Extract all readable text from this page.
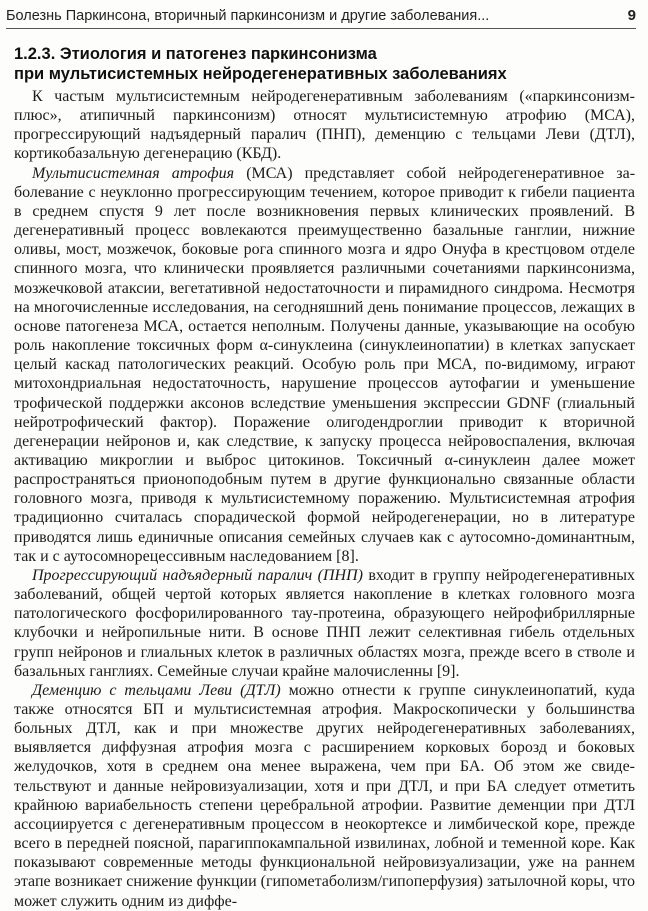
Болезнь Паркинсона, вторичный паркинсонизм и другие заболевания...	9
1.2.3. Этиология и патогенез паркинсонизма
при мультисистемных нейродегенеративных заболеваниях

К частым мультисистемным нейродегенеративным заболеваниям («паркинсонизм-плюс», атипичный паркинсонизм) относят мультисистемную атрофию (МСА), прогрессирующий надъядерный паралич (ПНП), деменцию с тельцами Леви (ДТЛ), кортикобазальную дегенерацию (КБД).

Мультисистемная атрофия (МСА) представляет собой нейродегенеративное заболевание с неуклонно прогрессирующим течением, которое приводит к гибели пациента в среднем спустя 9 лет после возникновения первых клинических проявлений. В дегенеративный процесс вовлекаются преимущественно базальные ганглии, нижние оливы, мост, мозжечок, боковые рога спинного мозга и ядро Онуфа в крестцовом отделе спинного мозга, что клинически проявляется различными сочетаниями паркинсонизма, мозжечковой атаксии, вегетативной недостаточности и пирамидного синдрома. Несмотря на многочисленные исследования, на сегодняшний день понимание процессов, лежащих в основе патогенеза МСА, остается неполным. Получены данные, указывающие на особую роль накопление токсичных форм α-синуклеина (синуклеинопатии) в клетках запускает целый каскад патологических реакций. Особую роль при МСА, по-видимому, играют митохондриальная недостаточность, нарушение процессов аутофагии и уменьшение трофической поддержки аксонов вследствие уменьшения экспрессии GDNF (глиальный нейротрофический фактор). Поражение олигодендроглии приводит к вторичной дегенерации нейронов и, как следствие, к запуску процесса нейровоспаления, включая активацию микроглии и выброс цитокинов. Токсичный α-синуклеин далее может распространяться прионоподобным путем в другие функционально связанные области головного мозга, приводя к мультисистемному поражению. Мультисистемная атрофия традиционно считалась спорадической формой нейродегенерации, но в литературе приводятся лишь единичные описания семейных случаев как с аутосомно-доминантным, так и с аутосомнорецессивным наследованием [8].

Прогрессирующий надъядерный паралич (ПНП) входит в группу нейродегенеративных заболеваний, общей чертой которых является накопление в клетках головного мозга патологического фосфорилированного тау-протеина, образующего нейрофибриллярные клубочки и нейропильные нити. В основе ПНП лежит селективная гибель отдельных групп нейронов и глиальных клеток в различных областях мозга, прежде всего в стволе и базальных ганглиях. Семейные случаи крайне малочисленны [9].

Деменцию с тельцами Леви (ДТЛ) можно отнести к группе синуклеинопатий, куда также относятся БП и мультисистемная атрофия. Макроскопически у большинства больных ДТЛ, как и при множестве других нейродегенеративных заболеваниях, выявляется диффузная атрофия мозга с расширением корковых борозд и боковых желудочков, хотя в среднем она менее выражена, чем при БА. Об этом же свидетельствуют и данные нейровизуализации, хотя и при ДТЛ, и при БА следует отметить крайнюю вариабельность степени церебральной атрофии. Развитие деменции при ДТЛ ассоциируется с дегенеративным процессом в неокортексе и лимбической коре, прежде всего в передней поясной, парагиппокампальной извилинах, лобной и теменной коре. Как показывают современные методы функциональной нейровизуализации, уже на раннем этапе возникает снижение функции (гипометаболизм/гипоперфузия) затылочной коры, что может служить одним из диффе-
